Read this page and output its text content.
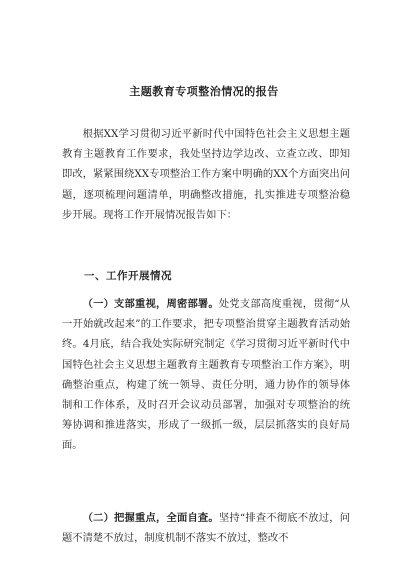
主题教育专项整治情况的报告

根据XX学习贯彻习近平新时代中国特色社会主义思想主题教育主题教育工作要求，我处坚持边学边改、立查立改、即知即改，紧紧围绕XX专项整治工作方案中明确的XX个方面突出问题，逐项梳理问题清单，明确整改措施，扎实推进专项整治稳步开展。现将工作开展情况报告如下：

一、工作开展情况

（一）支部重视，周密部署。处党支部高度重视，贯彻“从一开始就改起来”的工作要求，把专项整治贯穿主题教育活动始终。4月底，结合我处实际研究制定《学习贯彻习近平新时代中国特色社会主义思想主题教育主题教育专项整治工作方案》，明确整治重点，构建了统一领导、责任分明，通力协作的领导体制和工作体系，及时召开会议动员部署，加强对专项整治的统筹协调和推进落实，形成了一级抓一级，层层抓落实的良好局面。

（二）把握重点，全面自查。坚持“排查不彻底不放过，问题不清楚不放过，制度机制不落实不放过，整改不
